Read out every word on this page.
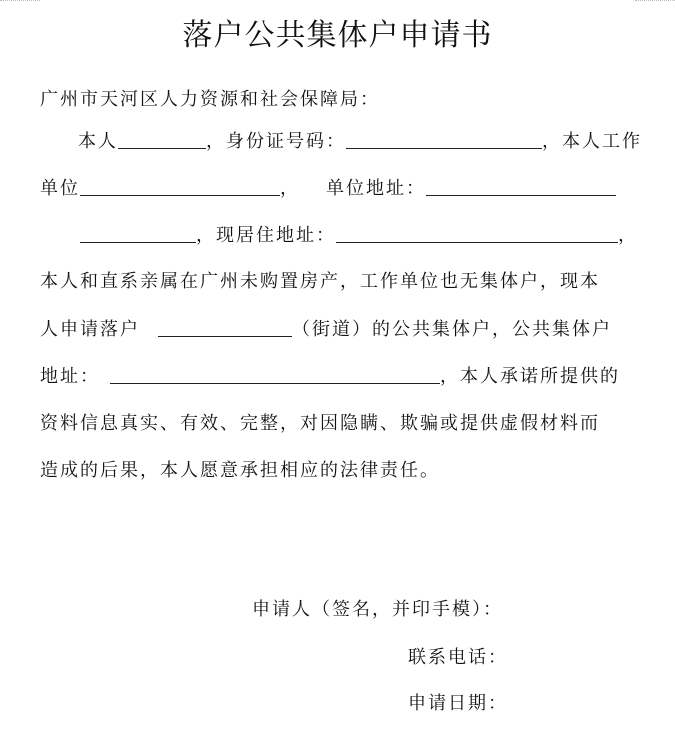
落户公共集体户申请书
广州市天河区人力资源和社会保障局：
本人	，身份证号码：	，本人工作
单位	， 单位地址：
，现居住地址：	，
本人和直系亲属在广州未购置房产，工作单位也无集体户，现本
人申请落户	（街道）的公共集体户，公共集体户
地址：	，本人承诺所提供的
资料信息真实、有效、完整，对因隐瞒、欺骗或提供虚假材料而
造成的后果，本人愿意承担相应的法律责任。
申请人（签名，并印手模）：
联系电话：
申请日期：
